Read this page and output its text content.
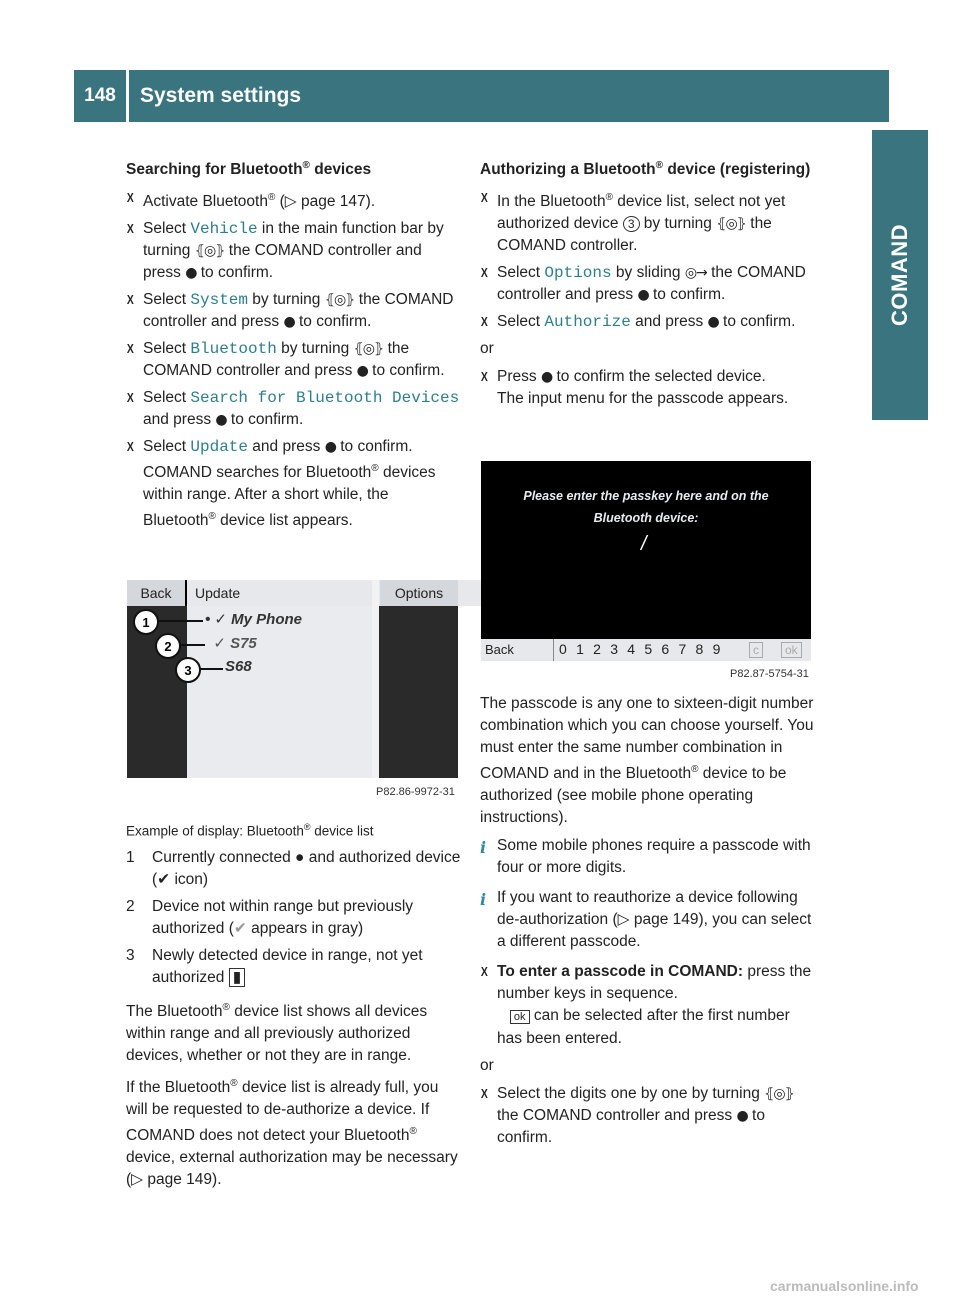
148	System settings
COMAND

Searching for Bluetooth® devices

X Activate Bluetooth® (▷ page 147).
X Select Vehicle in the main function bar by turning ⦃◎⦄ the COMAND controller and press ● to confirm.
X Select System by turning ⦃◎⦄ the COMAND controller and press ● to confirm.
X Select Bluetooth by turning ⦃◎⦄ the COMAND controller and press ● to confirm.
X Select Search for Bluetooth Devices and press ● to confirm.
X Select Update and press ● to confirm.
COMAND searches for Bluetooth® devices within range. After a short while, the Bluetooth® device list appears.
Back	Update	Options
• ✓ My Phone
✓ S75
S68
1
2
3
P82.86-9972-31
Example of display: Bluetooth® device list
1 Currently connected ● and authorized device (✔ icon)
2 Device not within range but previously authorized (✔ appears in gray)
3 Newly detected device in range, not yet authorized ▮

The Bluetooth® device list shows all devices within range and all previously authorized devices, whether or not they are in range.

If the Bluetooth® device list is already full, you will be requested to de-authorize a device. If COMAND does not detect your Bluetooth® device, external authorization may be necessary (▷ page 149).

Authorizing a Bluetooth® device (registering)

X In the Bluetooth® device list, select not yet authorized device 3 by turning ⦃◎⦄ the COMAND controller.
X Select Options by sliding ◎→ the COMAND controller and press ● to confirm.
X Select Authorize and press ● to confirm.

or

X Press ● to confirm the selected device.
The input menu for the passcode appears.
Please enter the passkey here and on the
Bluetooth device:
/
Back	0  1  2  3  4  5  6  7  8  9	c	ok
P82.87-5754-31

The passcode is any one to sixteen-digit number combination which you can choose yourself. You must enter the same number combination in COMAND and in the Bluetooth® device to be authorized (see mobile phone operating instructions).

i Some mobile phones require a passcode with four or more digits.
i If you want to reauthorize a device following de-authorization (▷ page 149), you can select a different passcode.
X To enter a passcode in COMAND: press the number keys in sequence.
ok can be selected after the first number has been entered.

or

X Select the digits one by one by turning ⦃◎⦄ the COMAND controller and press ● to confirm.
carmanualsonline.info
